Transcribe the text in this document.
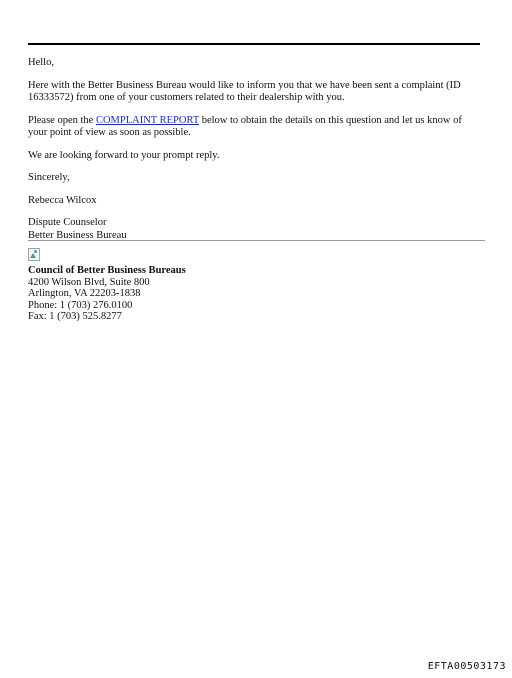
Hello,

Here with the Better Business Bureau would like to inform you that we have been sent a complaint (ID 16333572) from one of your customers related to their dealership with you.

Please open the COMPLAINT REPORT below to obtain the details on this question and let us know of your point of view as soon as possible.

We are looking forward to your prompt reply.

Sincerely,

Rebecca Wilcox

Dispute Counselor
Better Business Bureau

Council of Better Business Bureaus
4200 Wilson Blvd, Suite 800
Arlington, VA 22203-1838
Phone: 1 (703) 276.0100
Fax: 1 (703) 525.8277
EFTA00503173
